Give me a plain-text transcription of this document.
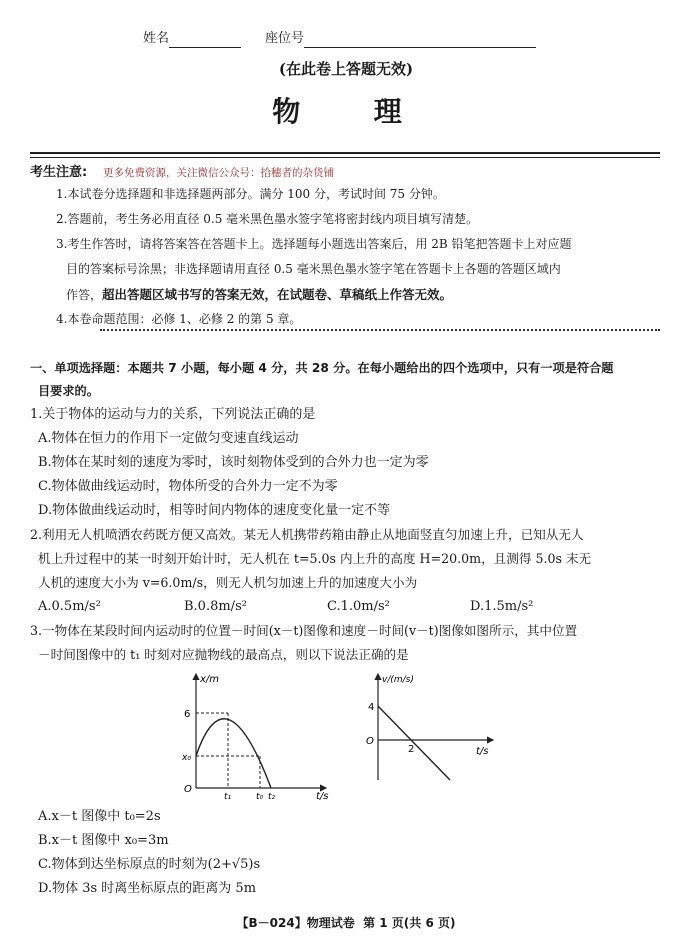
姓名	座位号
(在此卷上答题无效)
物  理
考生注意: 更多免费资源，关注微信公众号：拾穗者的杂货铺
1.本试卷分选择题和非选择题两部分。满分 100 分，考试时间 75 分钟。
2.答题前，考生务必用直径 0.5 毫米黑色墨水签字笔将密封线内项目填写清楚。
3.考生作答时，请将答案答在答题卡上。选择题每小题选出答案后，用 2B 铅笔把答题卡上对应题
目的答案标号涂黑；非选择题请用直径 0.5 毫米黑色墨水签字笔在答题卡上各题的答题区域内
作答，超出答题区域书写的答案无效，在试题卷、草稿纸上作答无效。
4.本卷命题范围：必修 1、必修 2 的第 5 章。
一、单项选择题：本题共 7 小题，每小题 4 分，共 28 分。在每小题给出的四个选项中，只有一项是符合题
目要求的。
1.关于物体的运动与力的关系，下列说法正确的是
A.物体在恒力的作用下一定做匀变速直线运动
B.物体在某时刻的速度为零时，该时刻物体受到的合外力也一定为零
C.物体做曲线运动时，物体所受的合外力一定不为零
D.物体做曲线运动时，相等时间内物体的速度变化量一定不等
2.利用无人机喷洒农药既方便又高效。某无人机携带药箱由静止从地面竖直匀加速上升，已知从无人
机上升过程中的某一时刻开始计时，无人机在 t=5.0s 内上升的高度 H=20.0m，且测得 5.0s 末无
人机的速度大小为 v=6.0m/s，则无人机匀加速上升的加速度大小为
A.0.5m/s²	B.0.8m/s²	C.1.0m/s²	D.1.5m/s²
3.一物体在某段时间内运动时的位置－时间(x－t)图像和速度－时间(v－t)图像如图所示，其中位置
－时间图像中的 t₁ 时刻对应抛物线的最高点，则以下说法正确的是
x/m
t/s
O
6
x₀
t₁	t₀ t₂
v/(m/s)
t/s
O
4
2
A.x－t 图像中 t₀=2s
B.x－t 图像中 x₀=3m
C.物体到达坐标原点的时刻为(2+√5)s
D.物体 3s 时离坐标原点的距离为 5m
【B－024】物理试卷  第 1 页(共 6 页)
